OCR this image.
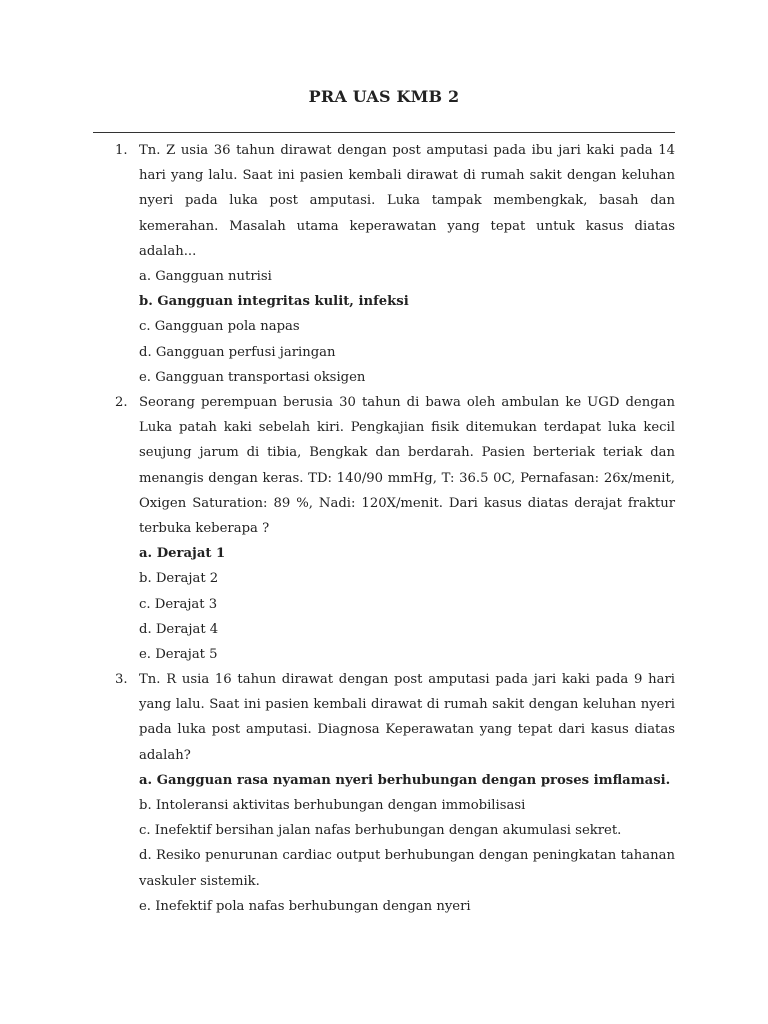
PRA UAS KMB 2
1. Tn. Z usia 36 tahun dirawat dengan post amputasi pada ibu jari kaki pada 14 hari yang lalu. Saat ini pasien kembali dirawat di rumah sakit dengan keluhan nyeri pada luka post amputasi. Luka tampak membengkak, basah dan kemerahan. Masalah utama keperawatan yang tepat untuk kasus diatas adalah...

a. Gangguan nutrisi

b. Gangguan integritas kulit, infeksi

c. Gangguan pola napas

d. Gangguan perfusi jaringan

e. Gangguan transportasi oksigen

2. Seorang perempuan berusia 30 tahun di bawa oleh ambulan ke UGD dengan Luka patah kaki sebelah kiri. Pengkajian fisik ditemukan terdapat luka kecil seujung jarum di tibia, Bengkak dan berdarah. Pasien berteriak teriak dan menangis dengan keras. TD: 140/90 mmHg, T: 36.5 0C, Pernafasan: 26x/menit, Oxigen Saturation: 89 %, Nadi: 120X/menit. Dari kasus diatas derajat fraktur terbuka keberapa ?

a. Derajat 1

b. Derajat 2

c. Derajat 3

d. Derajat 4

e. Derajat 5

3. Tn. R usia 16 tahun dirawat dengan post amputasi pada jari kaki pada 9 hari yang lalu. Saat ini pasien kembali dirawat di rumah sakit dengan keluhan nyeri pada luka post amputasi. Diagnosa Keperawatan yang tepat dari kasus diatas adalah?

a. Gangguan rasa nyaman nyeri berhubungan dengan proses imflamasi.

b. Intoleransi aktivitas berhubungan dengan immobilisasi

c. Inefektif bersihan jalan nafas berhubungan dengan akumulasi sekret.

d. Resiko penurunan cardiac output berhubungan dengan peningkatan tahanan vaskuler sistemik.

e. Inefektif pola nafas berhubungan dengan nyeri
